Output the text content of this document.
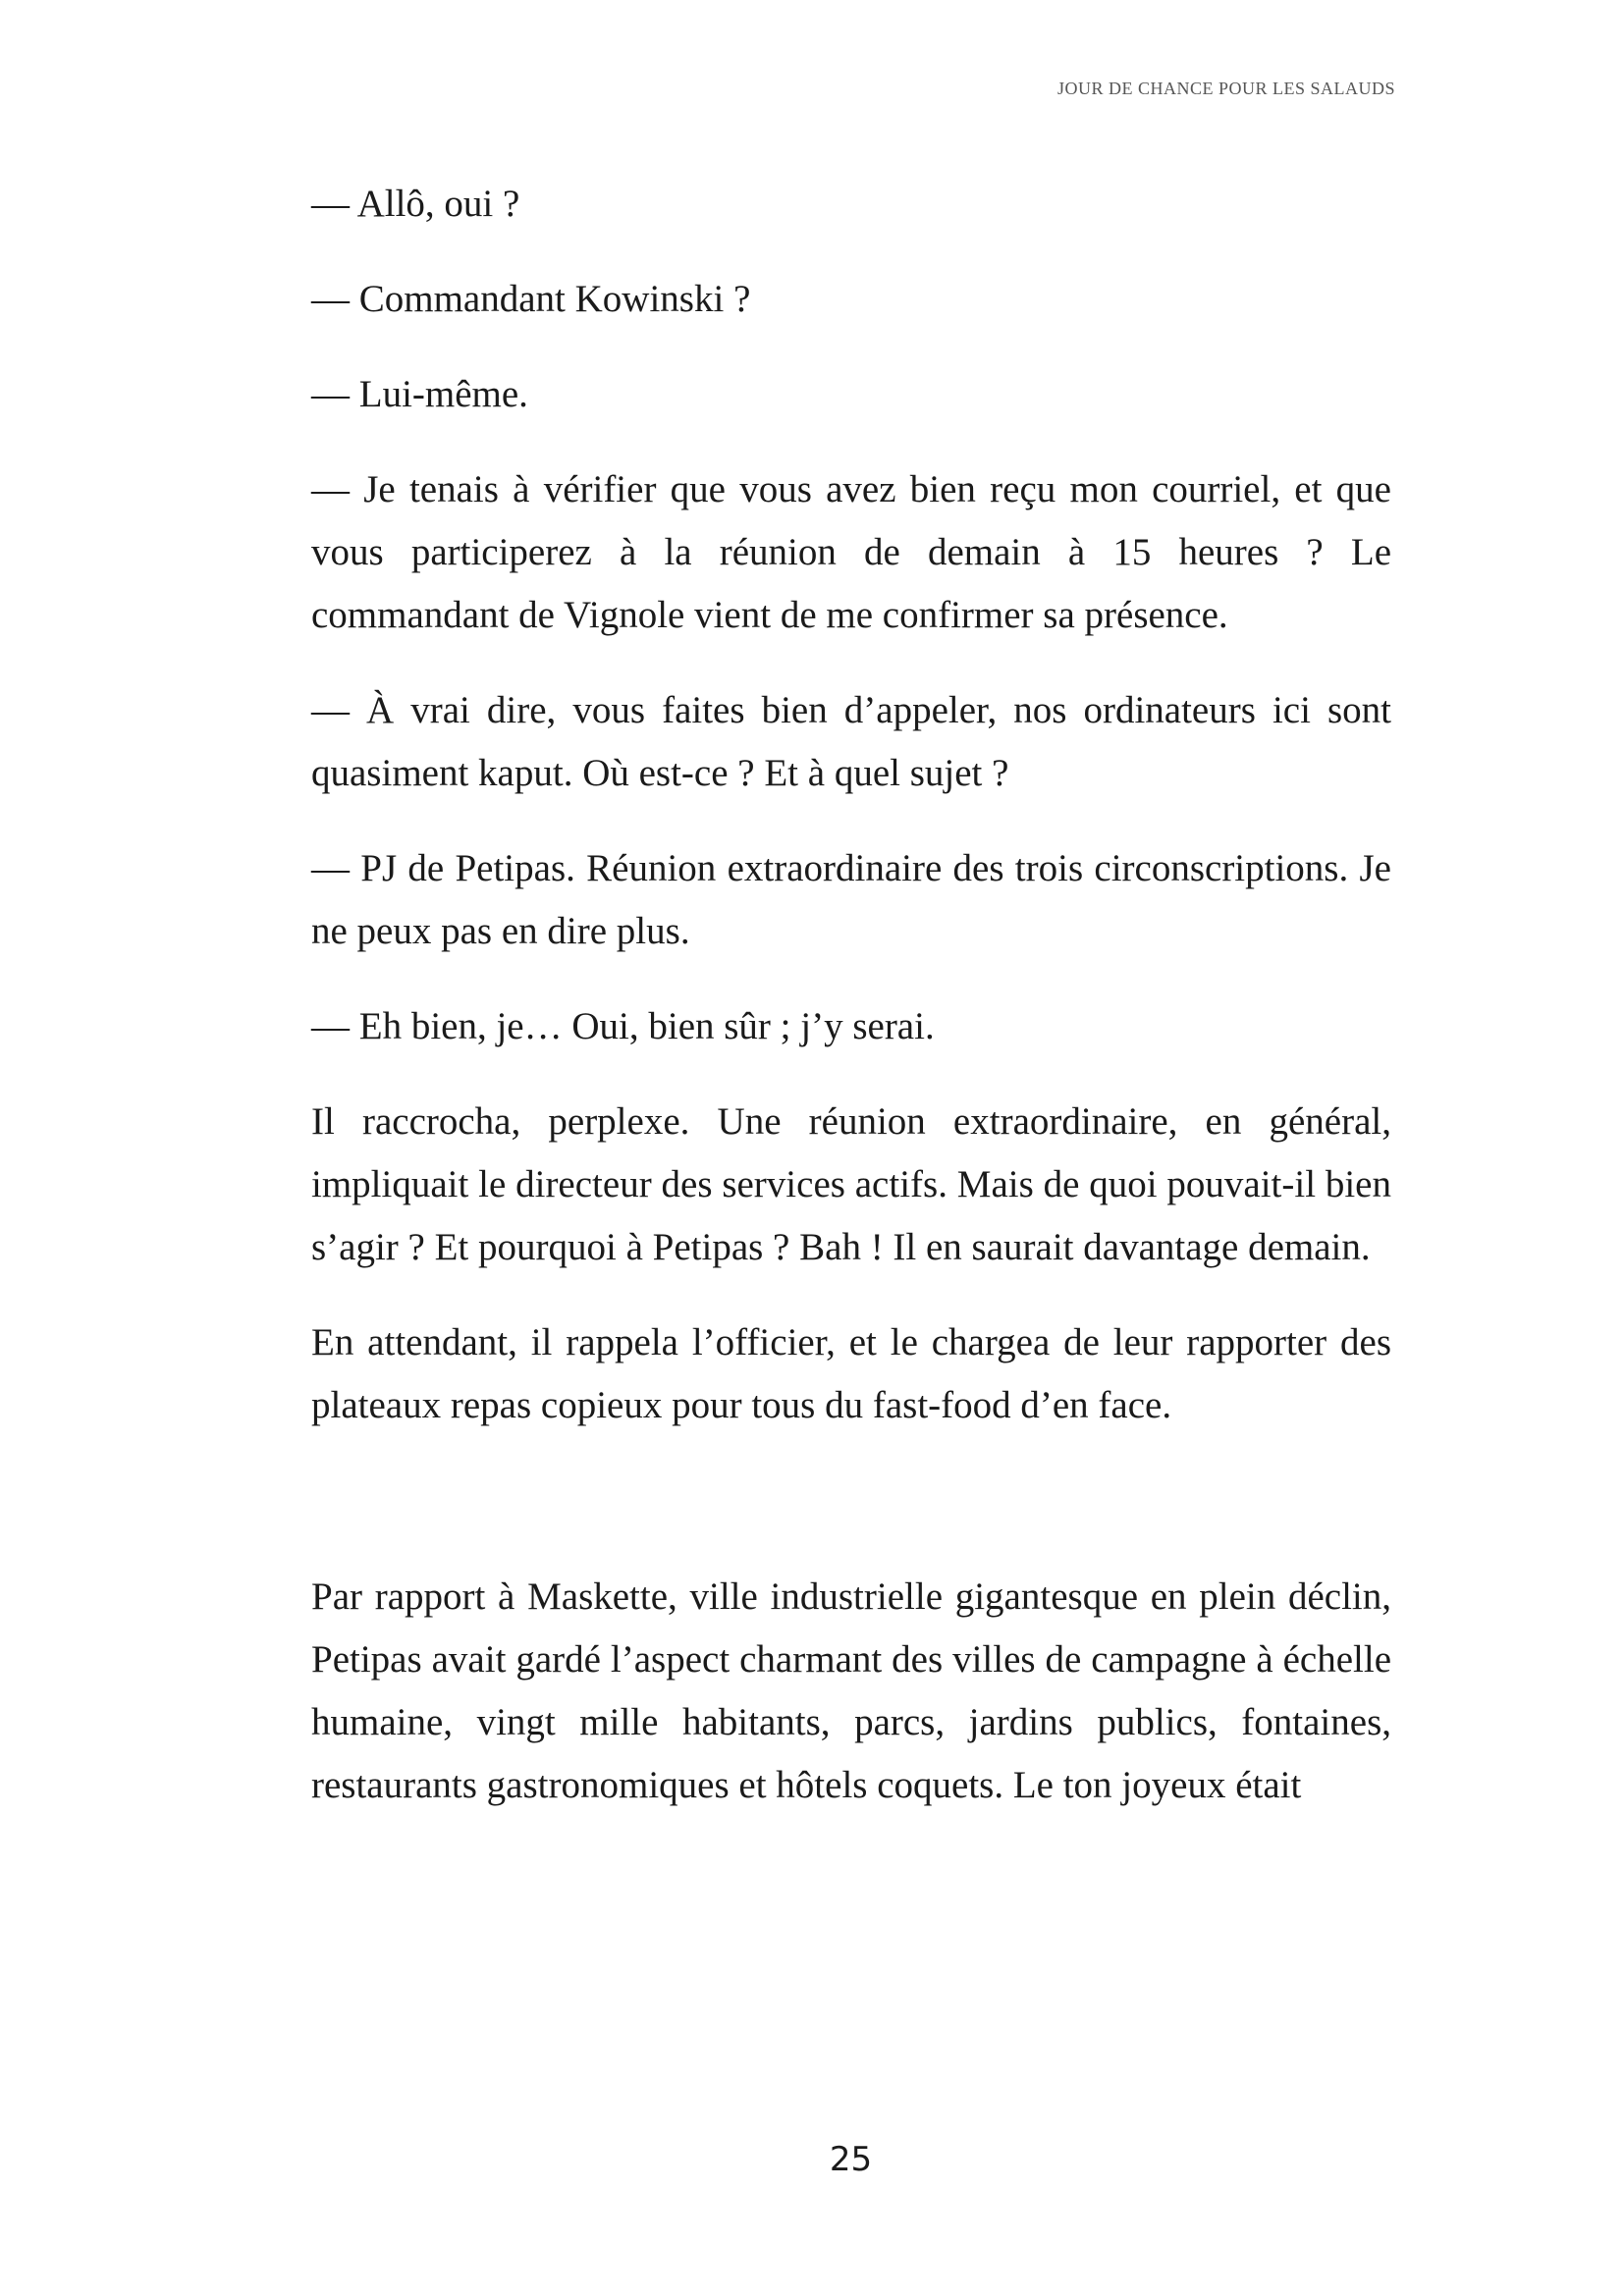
JOUR DE CHANCE POUR LES SALAUDS

— Allô, oui ?

— Commandant Kowinski ?

— Lui-même.

— Je tenais à vérifier que vous avez bien reçu mon courriel, et que vous participerez à la réunion de demain à 15 heures ? Le commandant de Vignole vient de me confirmer sa présence.

— À vrai dire, vous faites bien d’appeler, nos ordinateurs ici sont quasiment kaput. Où est-ce ? Et à quel sujet ?

— PJ de Petipas. Réunion extraordinaire des trois circonscriptions. Je ne peux pas en dire plus.

— Eh bien, je… Oui, bien sûr ; j’y serai.

Il raccrocha, perplexe. Une réunion extraordinaire, en général, impliquait le directeur des services actifs. Mais de quoi pouvait-il bien s’agir ? Et pourquoi à Petipas ? Bah ! Il en saurait davantage demain.

En attendant, il rappela l’officier, et le chargea de leur rapporter des plateaux repas copieux pour tous du fast-food d’en face.

Par rapport à Maskette, ville industrielle gigantesque en plein déclin, Petipas avait gardé l’aspect charmant des villes de campagne à échelle humaine, vingt mille habitants, parcs, jardins publics, fontaines, restaurants gastronomiques et hôtels coquets. Le ton joyeux était

25
